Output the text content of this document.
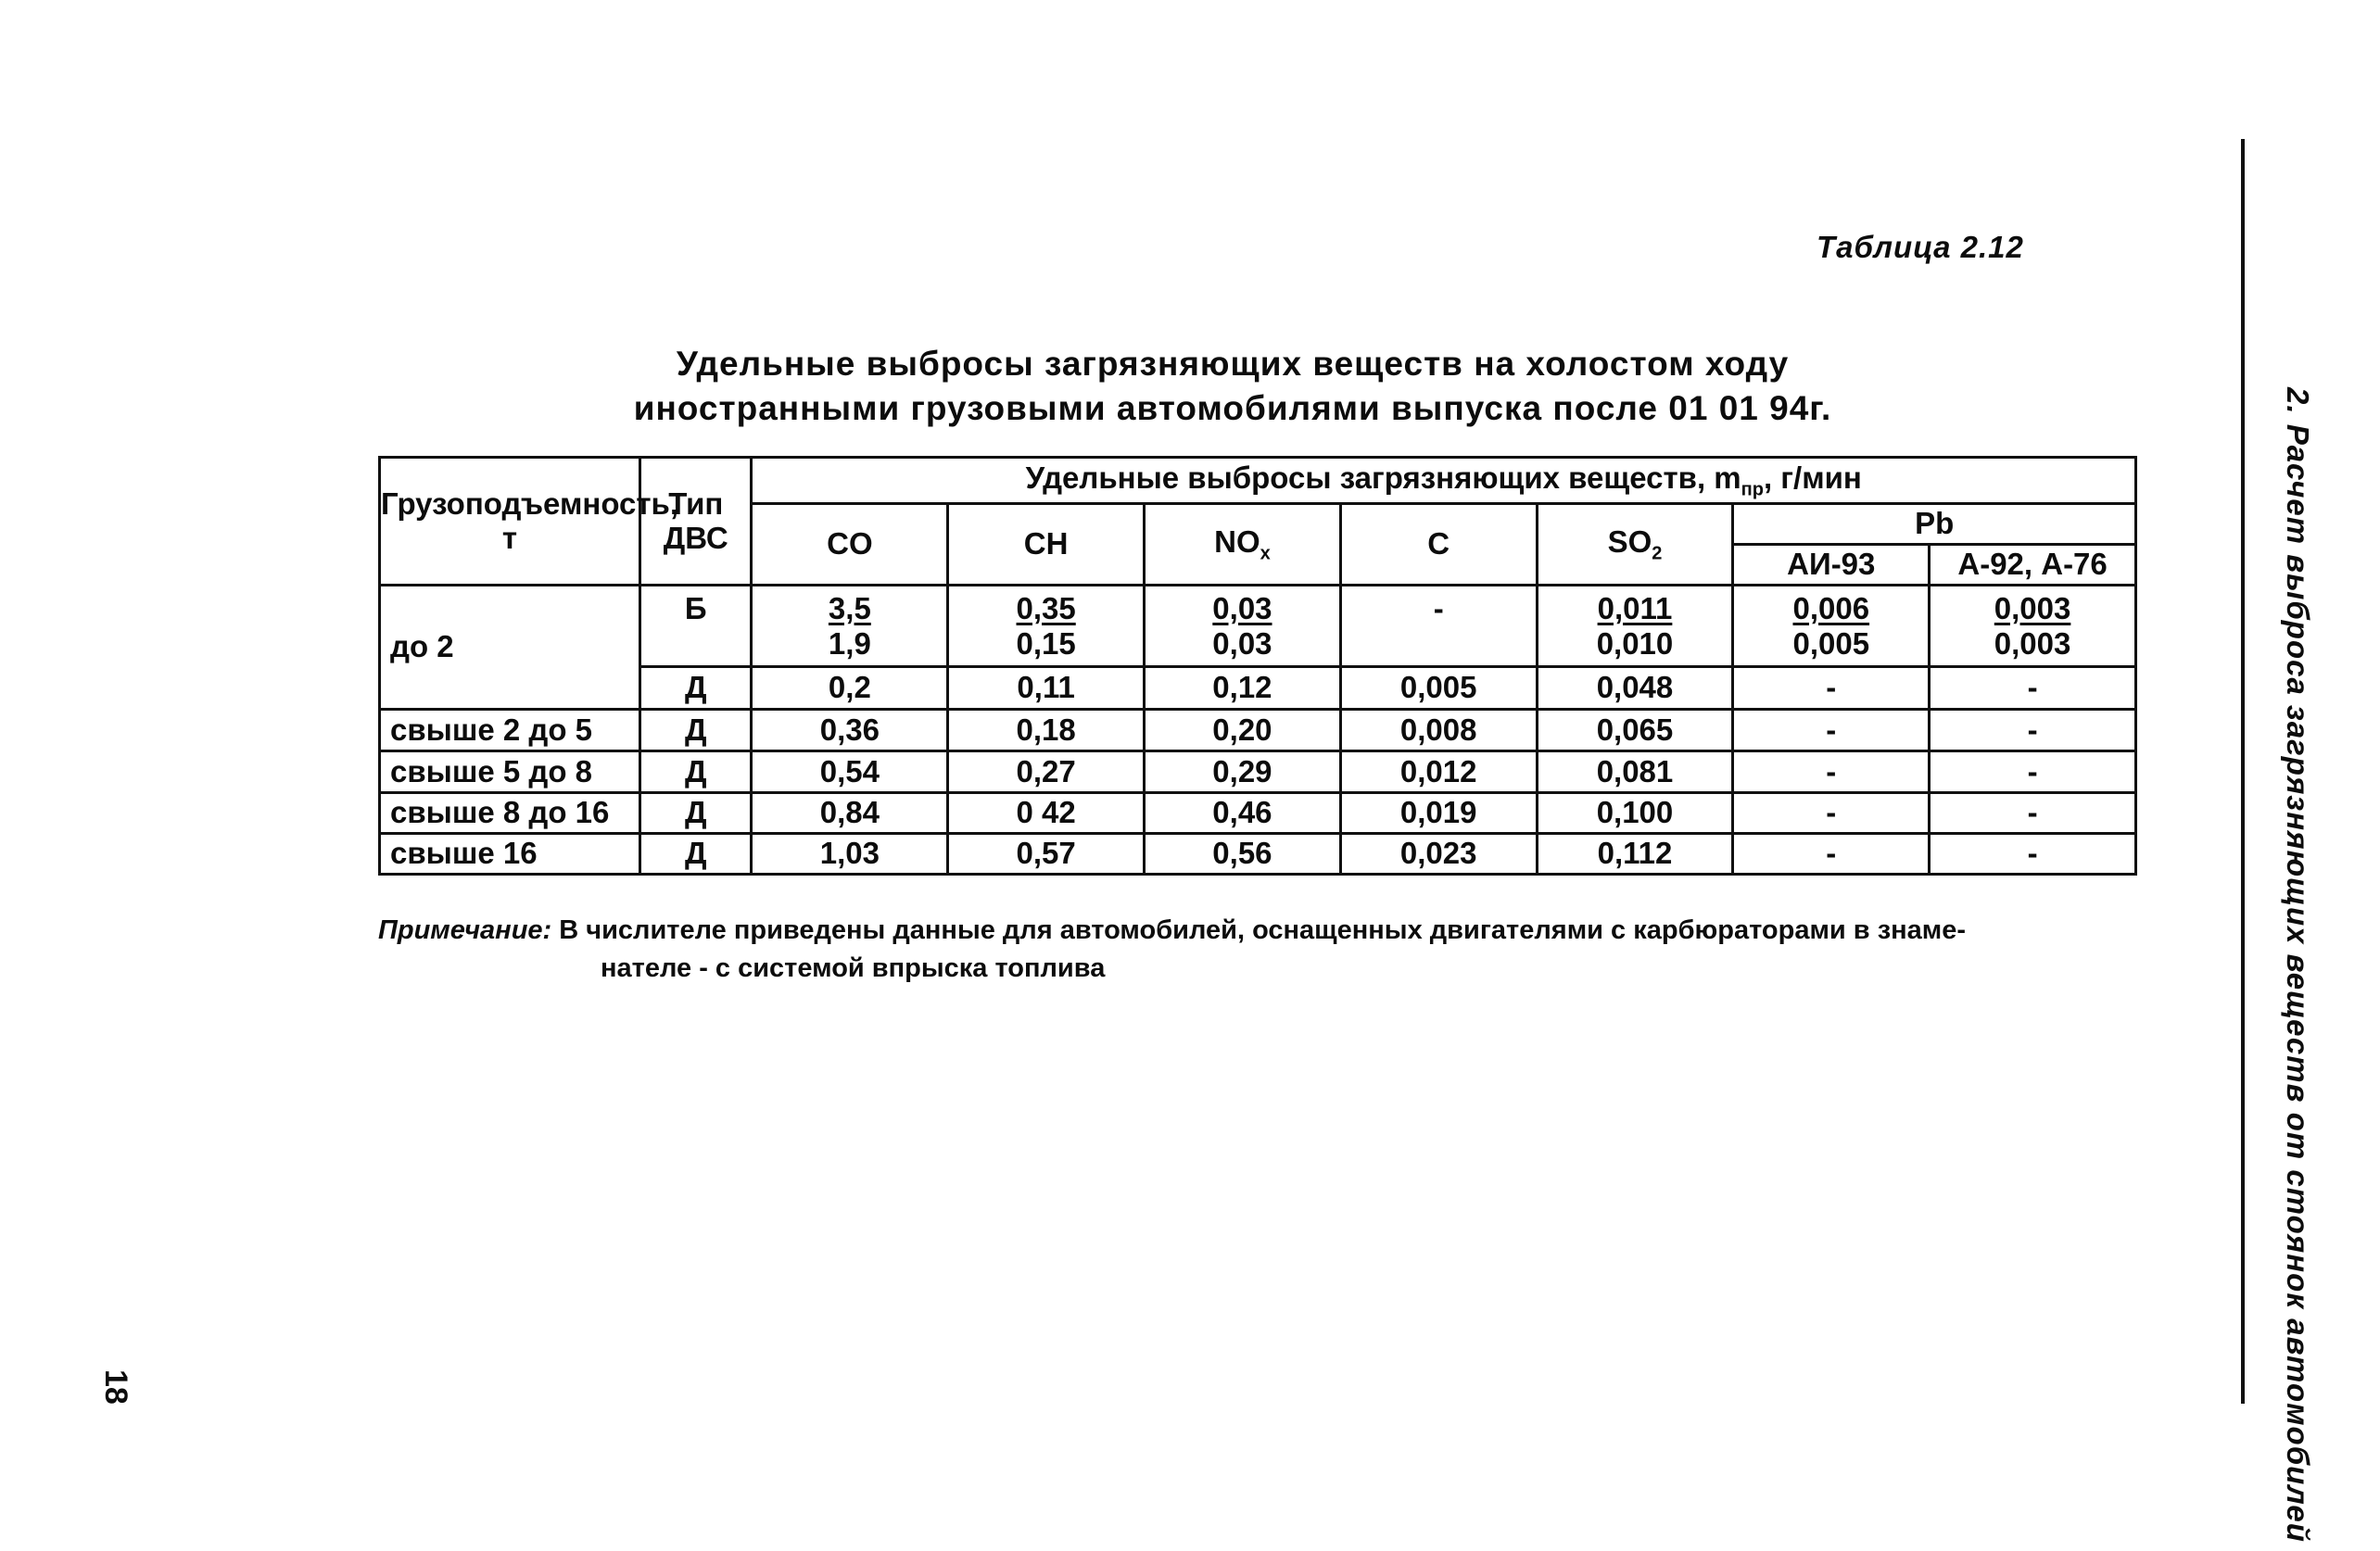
Таблица 2.12
Удельные выбросы загрязняющих веществ на холостом ходу
иностранными грузовыми автомобилями выпуска после 01 01 94г.
Грузоподъемность, т	Тип ДВС	Удельные выбросы загрязняющих веществ, $m_{пр}$, г/мин						
		CO	CH	$NO_x$	C	$SO_2$	Pb	
							АИ-93	А-92, А-76
до 2	Б	$\frac{3,5}{1,9}$	$\frac{0,35}{0,15}$	$\frac{0,03}{0,03}$	-	$\frac{0,011}{0,010}$	$\frac{0,006}{0,005}$	$\frac{0,003}{0,003}$

	Д	0,2	0,11	0,12	0,005	0,048	-	-
свыше 2 до 5	Д	0,36	0,18	0,20	0,008	0,065	-	-
свыше 5 до 8	Д	0,54	0,27	0,29	0,012	0,081	-	-
свыше 8 до 16	Д	0,84	0 42	0,46	0,019	0,100	-	-
свыше 16	Д	1,03	0,57	0,56	0,023	0,112	-	-
Примечание: В числителе приведены данные для автомобилей, оснащенных двигателями с карбюраторами в знаме-
нателе - с системой впрыска топлива	2. Расчет выброса загрязняющих веществ от стоянок автомобилей
18
